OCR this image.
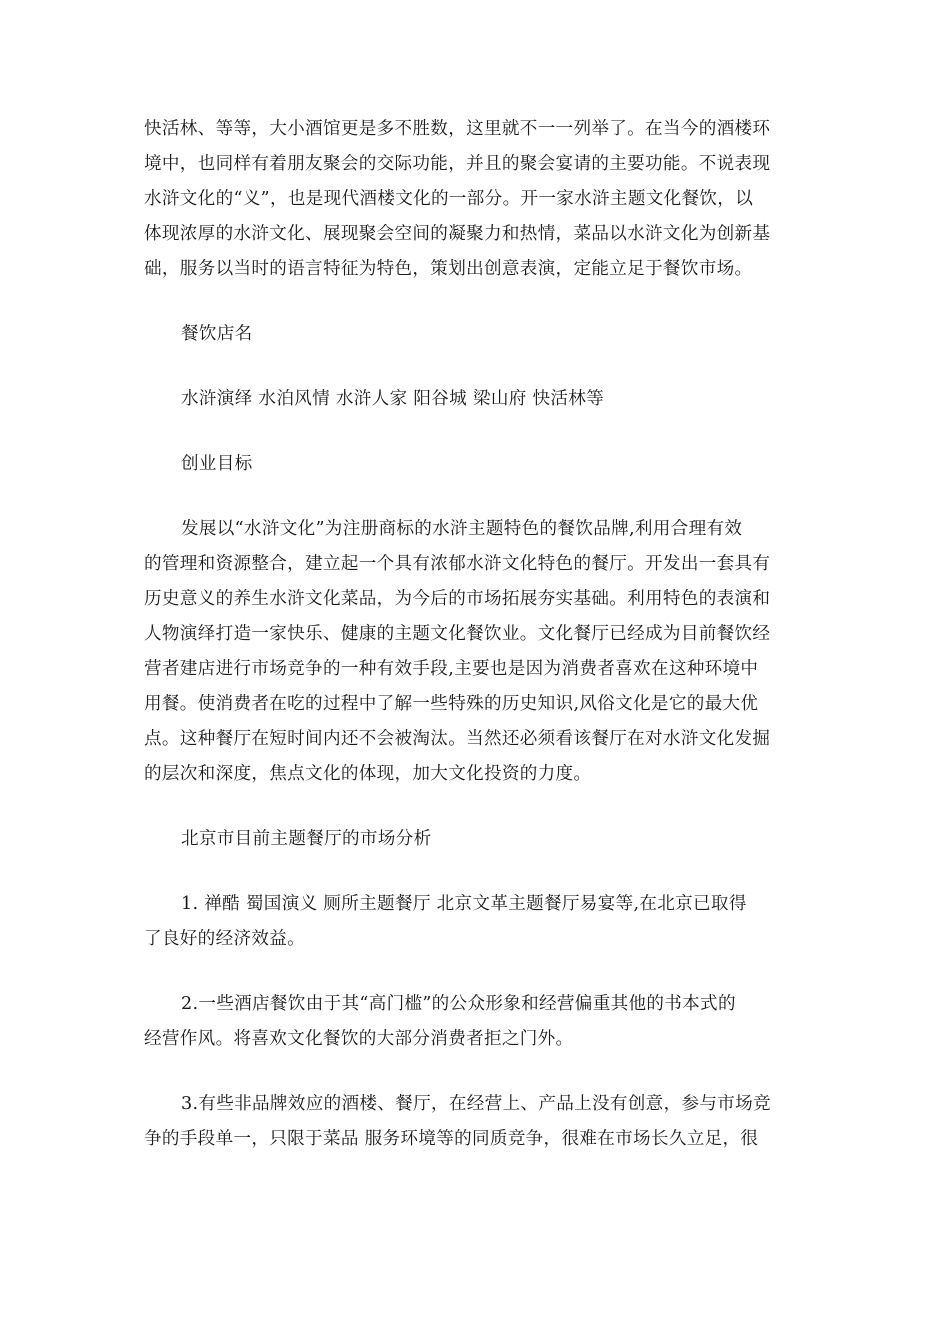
快活林、等等，大小酒馆更是多不胜数，这里就不一一列举了。在当今的酒楼环
境中，也同样有着朋友聚会的交际功能，并且的聚会宴请的主要功能。不说表现
水浒文化的“义”，也是现代酒楼文化的一部分。开一家水浒主题文化餐饮，以
体现浓厚的水浒文化、展现聚会空间的凝聚力和热情，菜品以水浒文化为创新基
础，服务以当时的语言特征为特色，策划出创意表演，定能立足于餐饮市场。

餐饮店名

水浒演绎 水泊风情 水浒人家 阳谷城 梁山府 快活林等

创业目标

发展以“水浒文化”为注册商标的水浒主题特色的餐饮品牌,利用合理有效
的管理和资源整合，建立起一个具有浓郁水浒文化特色的餐厅。开发出一套具有
历史意义的养生水浒文化菜品，为今后的市场拓展夯实基础。利用特色的表演和
人物演绎打造一家快乐、健康的主题文化餐饮业。文化餐厅已经成为目前餐饮经
营者建店进行市场竞争的一种有效手段,主要也是因为消费者喜欢在这种环境中
用餐。使消费者在吃的过程中了解一些特殊的历史知识,风俗文化是它的最大优
点。这种餐厅在短时间内还不会被淘汰。当然还必须看该餐厅在对水浒文化发掘
的层次和深度，焦点文化的体现，加大文化投资的力度。

北京市目前主题餐厅的市场分析

1. 禅酷 蜀国演义 厕所主题餐厅 北京文革主题餐厅易宴等,在北京已取得
了良好的经济效益。

2.一些酒店餐饮由于其“高门槛”的公众形象和经营偏重其他的书本式的
经营作风。将喜欢文化餐饮的大部分消费者拒之门外。

3.有些非品牌效应的酒楼、餐厅，在经营上、产品上没有创意，参与市场竞
争的手段单一，只限于菜品 服务环境等的同质竞争，很难在市场长久立足，很
